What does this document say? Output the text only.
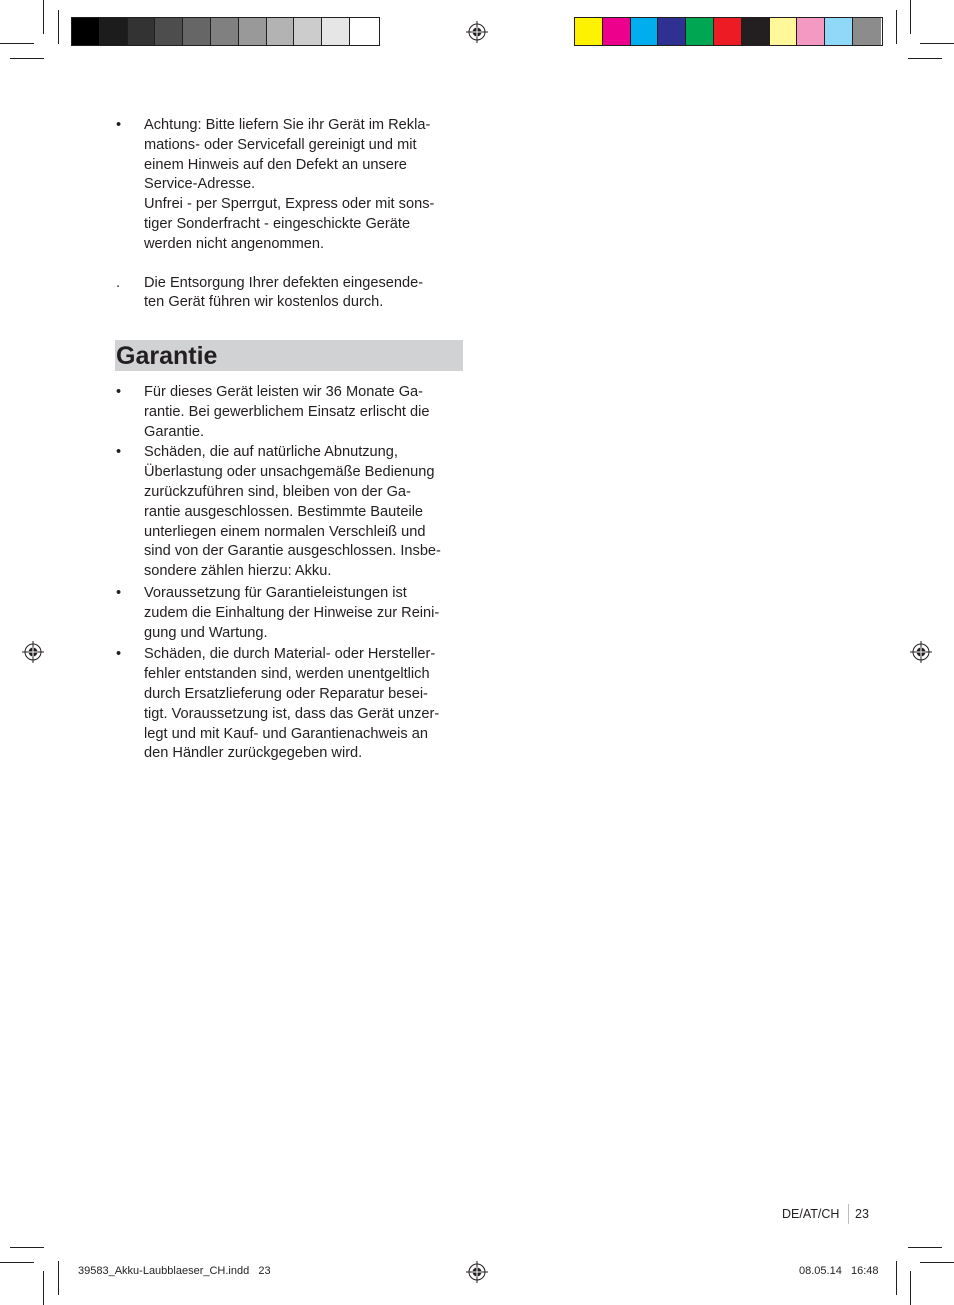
•	Achtung: Bitte liefern Sie ihr Gerät im Rekla-
mations- oder Servicefall gereinigt und mit
einem Hinweis auf den Defekt an unsere
Service-Adresse.
Unfrei - per Sperrgut, Express oder mit sons-
tiger Sonderfracht - eingeschickte Geräte
werden nicht angenommen.
.	Die Entsorgung Ihrer defekten eingesende-
ten Gerät führen wir kostenlos durch.
Garantie
•	Für dieses Gerät leisten wir 36 Monate Ga-
rantie. Bei gewerblichem Einsatz erlischt die
Garantie.
•	Schäden, die auf natürliche Abnutzung,
Überlastung oder unsachgemäße Bedienung
zurückzuführen sind, bleiben von der Ga-
rantie ausgeschlossen. Bestimmte Bauteile
unterliegen einem normalen Verschleiß und
sind von der Garantie ausgeschlossen. Insbe-
sondere zählen hierzu: Akku.
•	Voraussetzung für Garantieleistungen ist
zudem die Einhaltung der Hinweise zur Reini-
gung und Wartung.
•	Schäden, die durch Material- oder Hersteller-
fehler entstanden sind, werden unentgeltlich
durch Ersatzlieferung oder Reparatur besei-
tigt. Voraussetzung ist, dass das Gerät unzer-
legt und mit Kauf- und Garantienachweis an
den Händler zurückgegeben wird.
DE/AT/CH 23
39583_Akku-Laubblaeser_CH.indd   23	08.05.14   16:48
